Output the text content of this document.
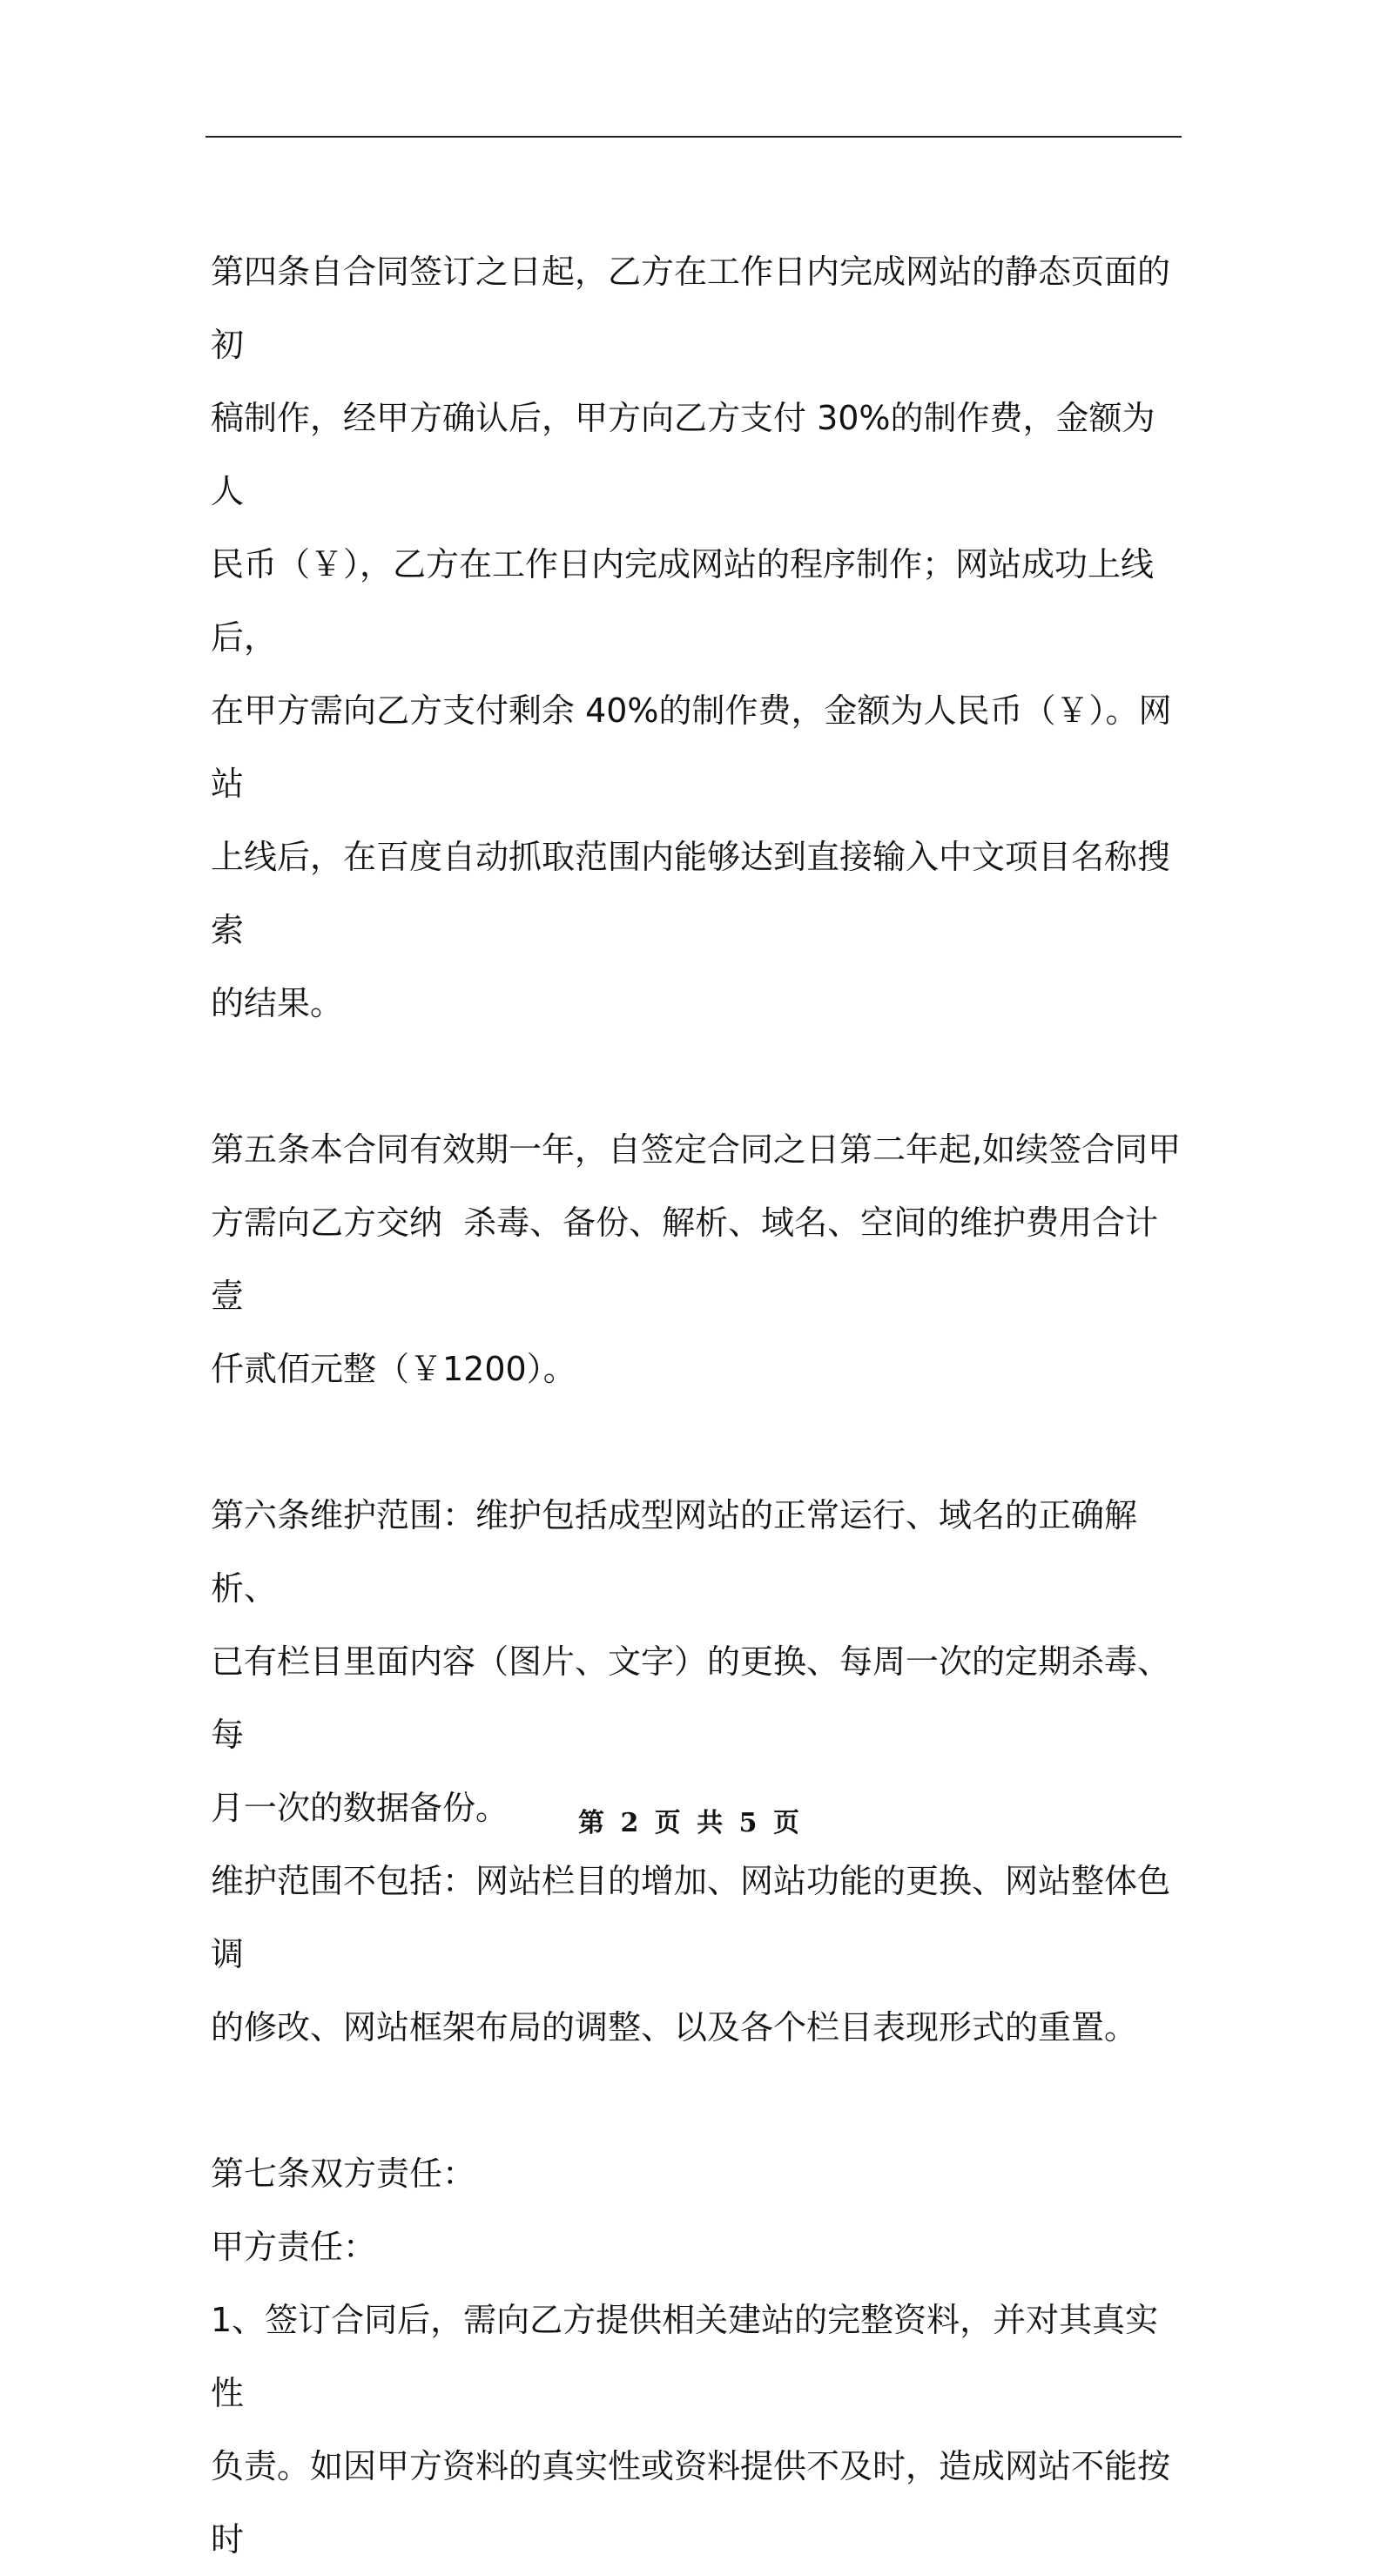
第四条自合同签订之日起，乙方在工作日内完成网站的静态页面的初

稿制作，经甲方确认后，甲方向乙方支付 30%的制作费，金额为人

民币（￥），乙方在工作日内完成网站的程序制作；网站成功上线后，

在甲方需向乙方支付剩余 40%的制作费，金额为人民币（￥）。网站

上线后，在百度自动抓取范围内能够达到直接输入中文项目名称搜索

的结果。

第五条本合同有效期一年，自签定合同之日第二年起,如续签合同甲

方需向乙方交纳  杀毒、备份、解析、域名、空间的维护费用合计壹

仟贰佰元整（￥1200）。

第六条维护范围：维护包括成型网站的正常运行、域名的正确解析、

已有栏目里面内容（图片、文字）的更换、每周一次的定期杀毒、每

月一次的数据备份。

维护范围不包括：网站栏目的增加、网站功能的更换、网站整体色调

的修改、网站框架布局的调整、以及各个栏目表现形式的重置。

第七条双方责任：

甲方责任：

1、签订合同后，需向乙方提供相关建站的完整资料，并对其真实性

负责。如因甲方资料的真实性或资料提供不及时，造成网站不能按时

第 2 页 共 5 页
